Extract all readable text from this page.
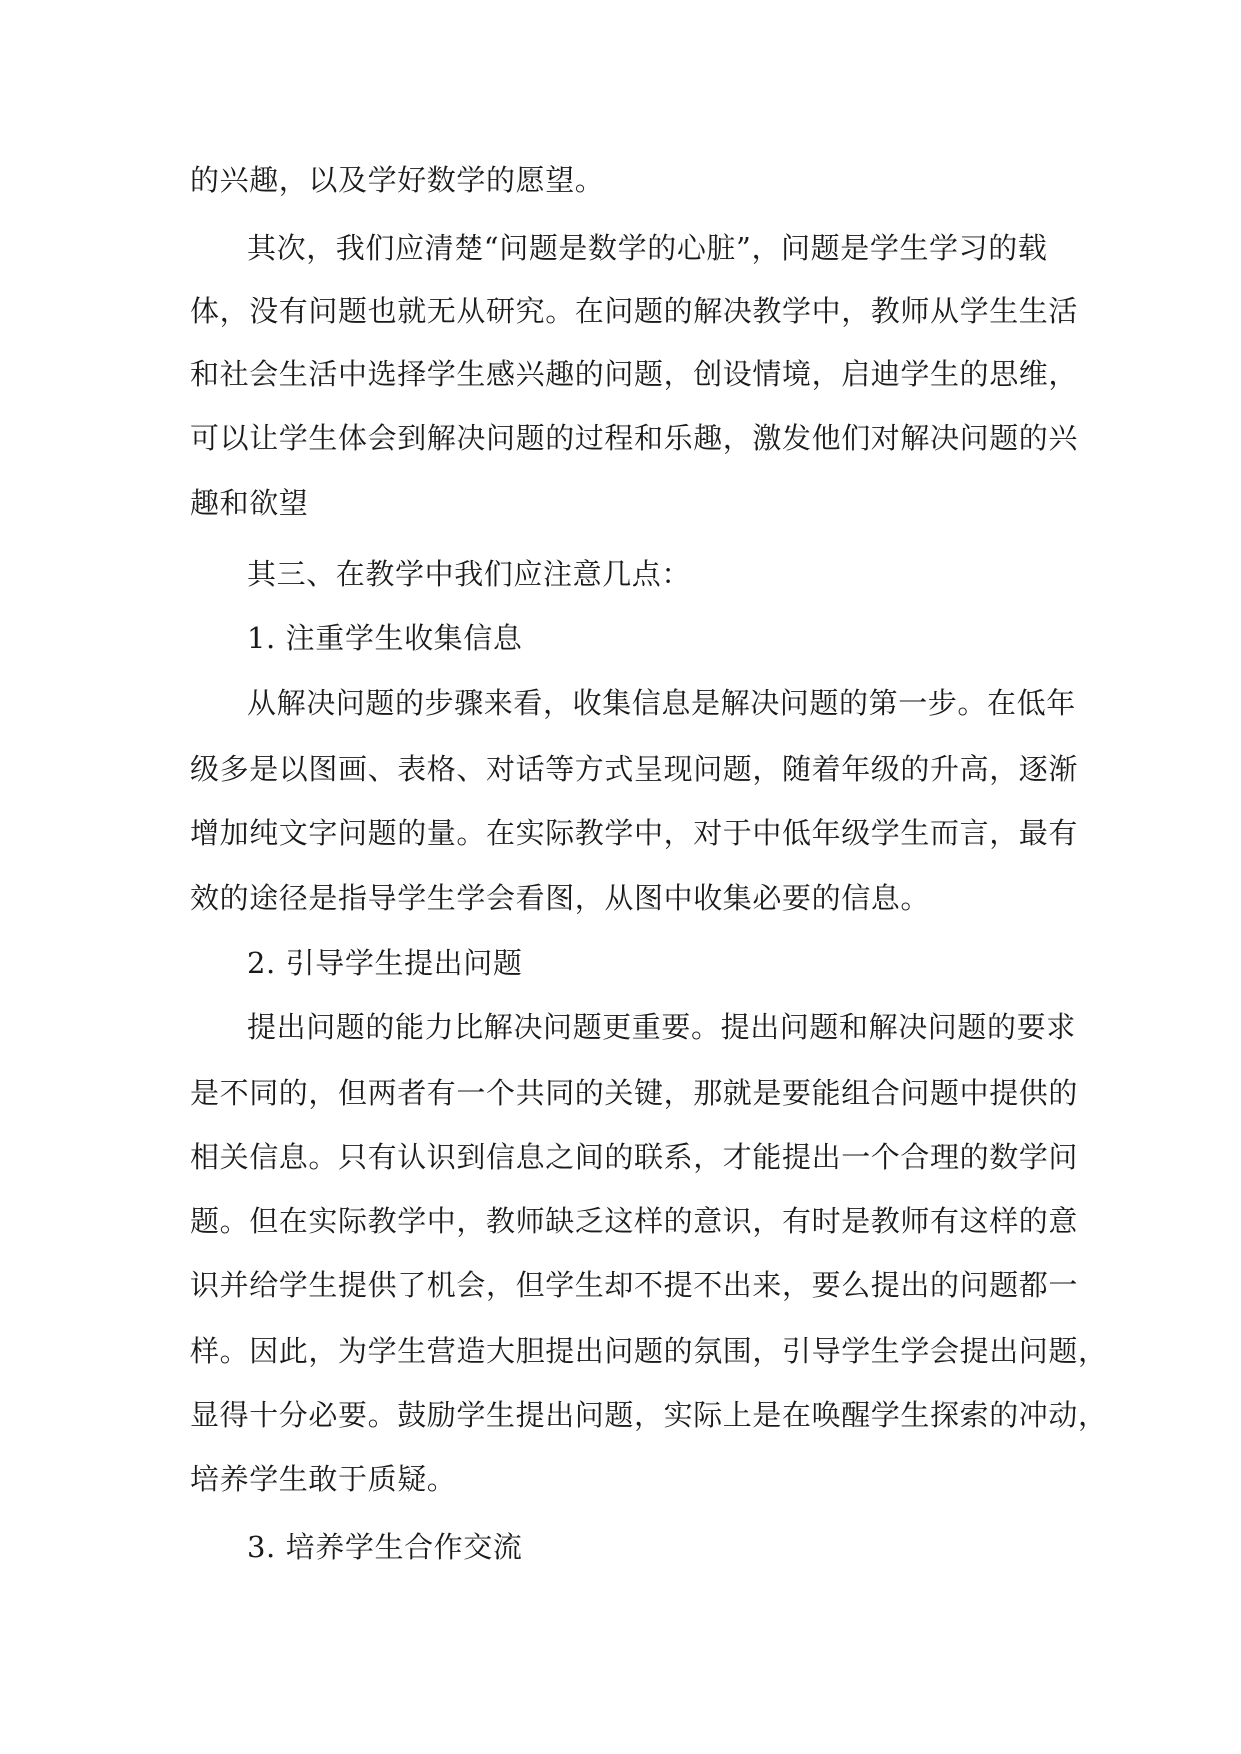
的兴趣，以及学好数学的愿望。
其次，我们应清楚“问题是数学的心脏”，问题是学生学习的载
体，没有问题也就无从研究。在问题的解决教学中，教师从学生生活
和社会生活中选择学生感兴趣的问题，创设情境，启迪学生的思维，
可以让学生体会到解决问题的过程和乐趣，激发他们对解决问题的兴
趣和欲望
其三、在教学中我们应注意几点：
1. 注重学生收集信息
从解决问题的步骤来看，收集信息是解决问题的第一步。在低年
级多是以图画、表格、对话等方式呈现问题，随着年级的升高，逐渐
增加纯文字问题的量。在实际教学中，对于中低年级学生而言，最有
效的途径是指导学生学会看图，从图中收集必要的信息。
2. 引导学生提出问题
提出问题的能力比解决问题更重要。提出问题和解决问题的要求
是不同的，但两者有一个共同的关键，那就是要能组合问题中提供的
相关信息。只有认识到信息之间的联系，才能提出一个合理的数学问
题。但在实际教学中，教师缺乏这样的意识，有时是教师有这样的意
识并给学生提供了机会，但学生却不提不出来，要么提出的问题都一
样。因此，为学生营造大胆提出问题的氛围，引导学生学会提出问题，
显得十分必要。鼓励学生提出问题，实际上是在唤醒学生探索的冲动，
培养学生敢于质疑。
3. 培养学生合作交流
